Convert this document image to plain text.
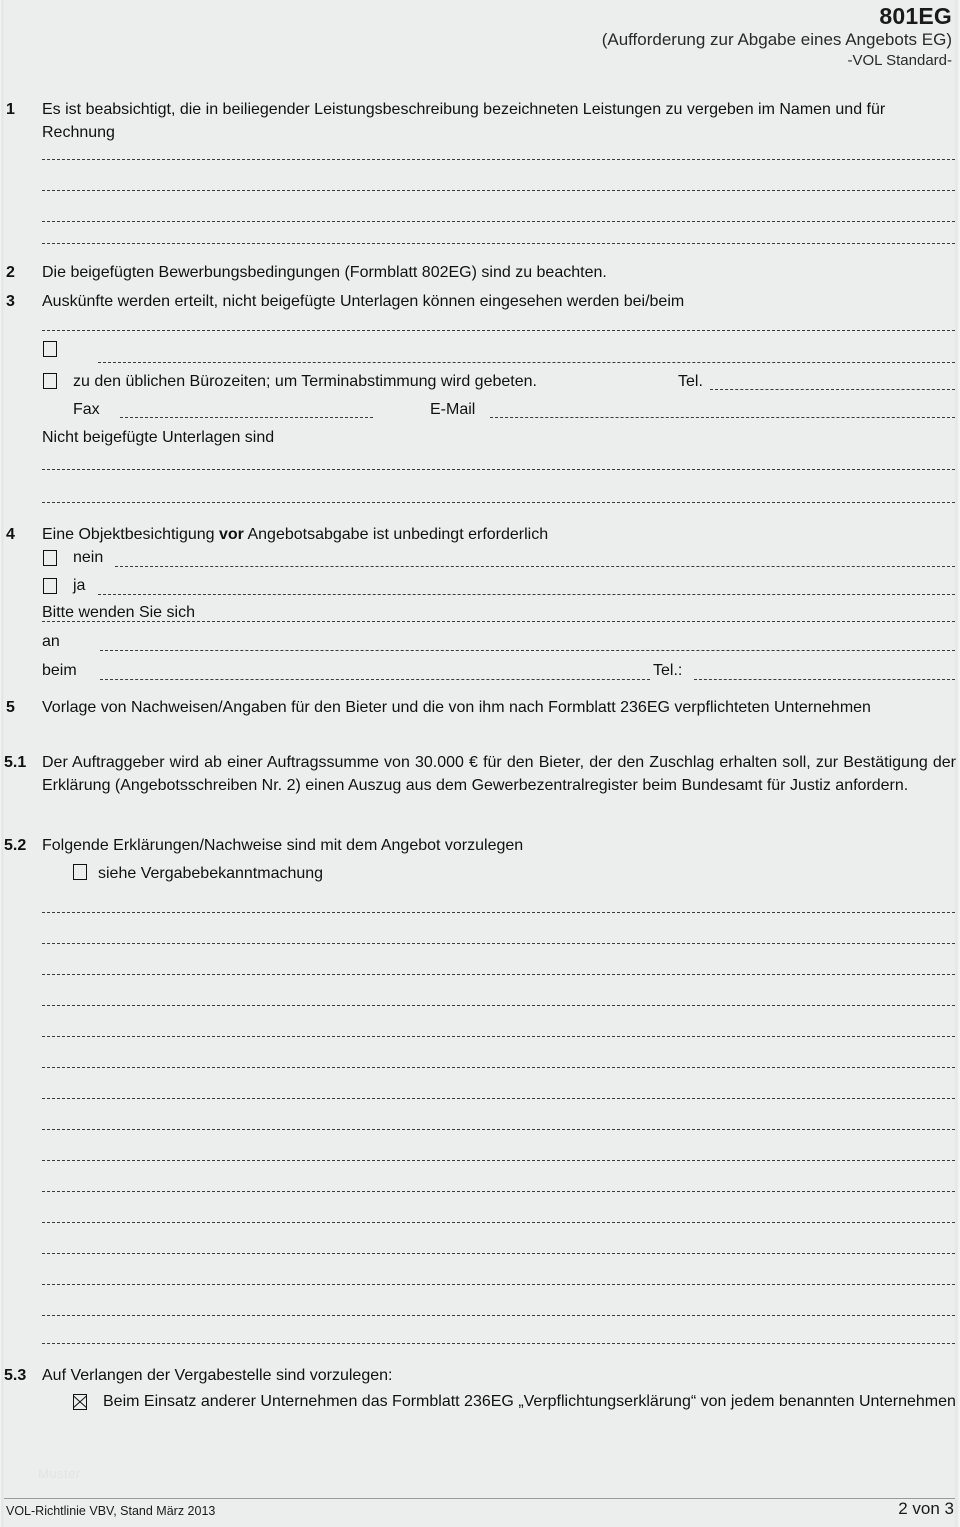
801EG
(Aufforderung zur Abgabe eines Angebots EG)
-VOL Standard-
1 Es ist beabsichtigt, die in beiliegender Leistungsbeschreibung bezeichneten Leistungen zu vergeben im Namen und für Rechnung
2 Die beigefügten Bewerbungsbedingungen (Formblatt 802EG) sind zu beachten.
3 Auskünfte werden erteilt, nicht beigefügte Unterlagen können eingesehen werden bei/beim
zu den üblichen Bürozeiten; um Terminabstimmung wird gebeten.	Tel.
Fax	E-Mail
Nicht beigefügte Unterlagen sind
4 Eine Objektbesichtigung vor Angebotsabgabe ist unbedingt erforderlich
nein
ja
Bitte wenden Sie sich
an
beim	Tel.:
5 Vorlage von Nachweisen/Angaben für den Bieter und die von ihm nach Formblatt 236EG verpflichteten Unternehmen
5.1 Der Auftraggeber wird ab einer Auftragssumme von 30.000 € für den Bieter, der den Zuschlag erhalten soll, zur Bestätigung der Erklärung (Angebotsschreiben Nr. 2) einen Auszug aus dem Gewerbezentralregister beim Bundesamt für Justiz anfordern.
5.2 Folgende Erklärungen/Nachweise sind mit dem Angebot vorzulegen
siehe Vergabebekanntmachung
5.3 Auf Verlangen der Vergabestelle sind vorzulegen:
Beim Einsatz anderer Unternehmen das Formblatt 236EG „Verpflichtungserklärung“ von jedem benannten Unternehmen
Muster
VOL-Richtlinie VBV, Stand März 2013	2 von 3
